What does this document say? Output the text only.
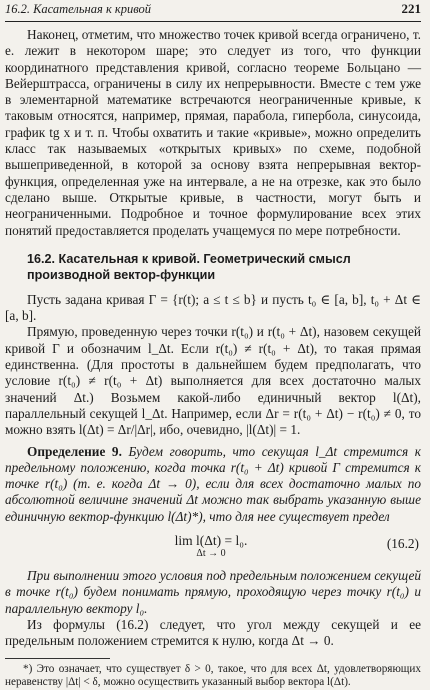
16.2. Касательная к кривой	221

Наконец, отметим, что множество точек кривой всегда ограничено, т. е. лежит в некотором шаре; это следует из того, что функции координатного представления кривой, согласно теореме Больцано — Вейерштрасса, ограничены в силу их непрерывности. Вместе с тем уже в элементарной математике встречаются неограниченные кривые, к таковым относятся, например, прямая, парабола, гипербола, синусоида, график tg x и т. п. Чтобы охватить и такие «кривые», можно определить класс так называемых «открытых кривых» по схеме, подобной вышеприведенной, в которой за основу взята непрерывная вектор-функция, определенная уже на интервале, а не на отрезке, как это было сделано выше. Открытые кривые, в частности, могут быть и неограниченными. Подробное и точное формулирование всех этих понятий предоставляется проделать учащемуся по мере потребности.

16.2. Касательная к кривой. Геометрический смысл производной вектор-функции

Пусть задана кривая Γ = {r(t); a ≤ t ≤ b} и пусть t₀ ∈ [a, b], t₀ + Δt ∈ [a, b].

Прямую, проведенную через точки r(t₀) и r(t₀ + Δt), назовем секущей кривой Γ и обозначим l_Δt. Если r(t₀) ≠ r(t₀ + Δt), то такая прямая единственна. (Для простоты в дальнейшем будем предполагать, что условие r(t₀) ≠ r(t₀ + Δt) выполняется для всех достаточно малых значений Δt.) Возьмем какой-либо единичный вектор l(Δt), параллельный секущей l_Δt. Например, если Δr = r(t₀ + Δt) − r(t₀) ≠ 0, то можно взять l(Δt) = Δr/|Δr|, ибо, очевидно, |l(Δt)| = 1.

Определение 9. Будем говорить, что секущая l_Δt стремится к предельному положению, когда точка r(t₀ + Δt) кривой Γ стремится к точке r(t₀) (т. е. когда Δt → 0), если для всех достаточно малых по абсолютной величине значений Δt можно так выбрать указанную выше единичную вектор-функцию l(Δt)*), что для нее существует предел

lim l(Δt) = l₀.
Δt → 0
(16.2)

При выполнении этого условия под предельным положением секущей в точке r(t₀) будем понимать прямую, проходящую через точку r(t₀) и параллельную вектору l₀.

Из формулы (16.2) следует, что угол между секущей и ее предельным положением стремится к нулю, когда Δt → 0.

*) Это означает, что существует δ > 0, такое, что для всех Δt, удовлетворяющих неравенству |Δt| < δ, можно осуществить указанный выбор вектора l(Δt).
